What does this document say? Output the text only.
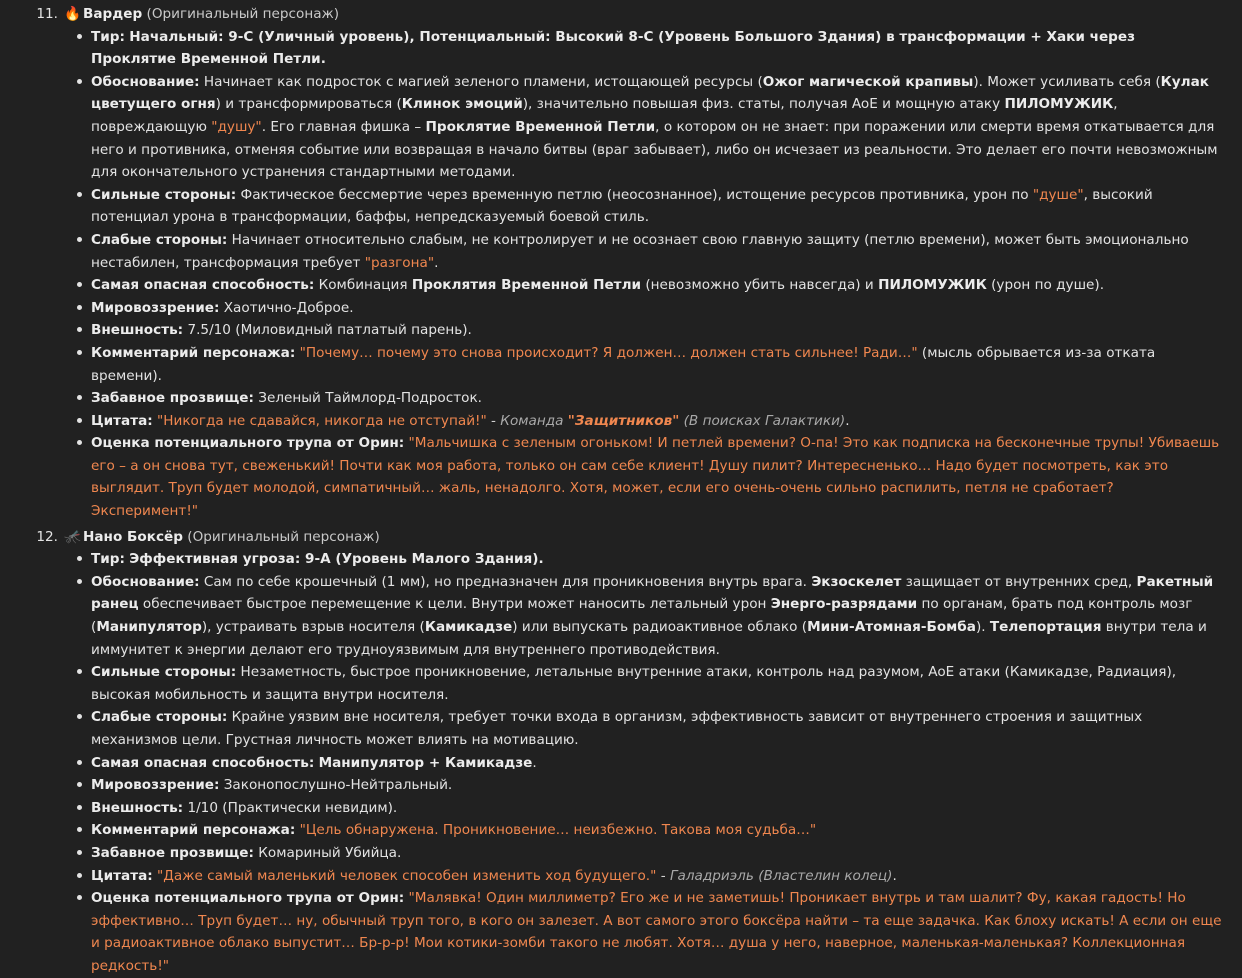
11. 🔥 Вардер (Оригинальный персонаж)
Тир: Начальный: 9-C (Уличный уровень), Потенциальный: Высокий 8-C (Уровень Большого Здания) в трансформации + Хаки через Проклятие Временной Петли.
Обоснование: Начинает как подросток с магией зеленого пламени, истощающей ресурсы (Ожог магической крапивы). Может усиливать себя (Кулак цветущего огня) и трансформироваться (Клинок эмоций), значительно повышая физ. статы, получая AoE и мощную атаку ПИЛОМУЖИК, повреждающую "душу". Его главная фишка – Проклятие Временной Петли, о котором он не знает: при поражении или смерти время откатывается для него и противника, отменяя событие или возвращая в начало битвы (враг забывает), либо он исчезает из реальности. Это делает его почти невозможным для окончательного устранения стандартными методами.
Сильные стороны: Фактическое бессмертие через временную петлю (неосознанное), истощение ресурсов противника, урон по "душе", высокий потенциал урона в трансформации, баффы, непредсказуемый боевой стиль.
Слабые стороны: Начинает относительно слабым, не контролирует и не осознает свою главную защиту (петлю времени), может быть эмоционально нестабилен, трансформация требует "разгона".
Самая опасная способность: Комбинация Проклятия Временной Петли (невозможно убить навсегда) и ПИЛОМУЖИК (урон по душе).
Мировоззрение: Хаотично-Доброе.
Внешность: 7.5/10 (Миловидный патлатый парень).
Комментарий персонажа: "Почему… почему это снова происходит? Я должен… должен стать сильнее! Ради…" (мысль обрывается из-за отката времени).
Забавное прозвище: Зеленый Таймлорд-Подросток.
Цитата: "Никогда не сдавайся, никогда не отступай!" - Команда "Защитников" (В поисках Галактики).
Оценка потенциального трупа от Орин: "Мальчишка с зеленым огоньком! И петлей времени? О-па! Это как подписка на бесконечные трупы! Убиваешь его – а он снова тут, свеженький! Почти как моя работа, только он сам себе клиент! Душу пилит? Интересненько… Надо будет посмотреть, как это выглядит. Труп будет молодой, симпатичный… жаль, ненадолго. Хотя, может, если его очень-очень сильно распилить, петля не сработает? Эксперимент!"
12. 🦟 Нано Боксёр (Оригинальный персонаж)
Тир: Эффективная угроза: 9-A (Уровень Малого Здания).
Обоснование: Сам по себе крошечный (1 мм), но предназначен для проникновения внутрь врага. Экзоскелет защищает от внутренних сред, Ракетный ранец обеспечивает быстрое перемещение к цели. Внутри может наносить летальный урон Энерго-разрядами по органам, брать под контроль мозг (Манипулятор), устраивать взрыв носителя (Камикадзе) или выпускать радиоактивное облако (Мини-Атомная-Бомба). Телепортация внутри тела и иммунитет к энергии делают его трудноуязвимым для внутреннего противодействия.
Сильные стороны: Незаметность, быстрое проникновение, летальные внутренние атаки, контроль над разумом, AoE атаки (Камикадзе, Радиация), высокая мобильность и защита внутри носителя.
Слабые стороны: Крайне уязвим вне носителя, требует точки входа в организм, эффективность зависит от внутреннего строения и защитных механизмов цели. Грустная личность может влиять на мотивацию.
Самая опасная способность: Манипулятор + Камикадзе.
Мировоззрение: Законопослушно-Нейтральный.
Внешность: 1/10 (Практически невидим).
Комментарий персонажа: "Цель обнаружена. Проникновение… неизбежно. Такова моя судьба…"
Забавное прозвище: Комариный Убийца.
Цитата: "Даже самый маленький человек способен изменить ход будущего." - Галадриэль (Властелин колец).
Оценка потенциального трупа от Орин: "Малявка! Один миллиметр? Его же и не заметишь! Проникает внутрь и там шалит? Фу, какая гадость! Но эффективно… Труп будет… ну, обычный труп того, в кого он залезет. А вот самого этого боксёра найти – та еще задачка. Как блоху искать! А если он еще и радиоактивное облако выпустит… Бр-р-р! Мои котики-зомби такого не любят. Хотя… душа у него, наверное, маленькая-маленькая? Коллекционная редкость!"
